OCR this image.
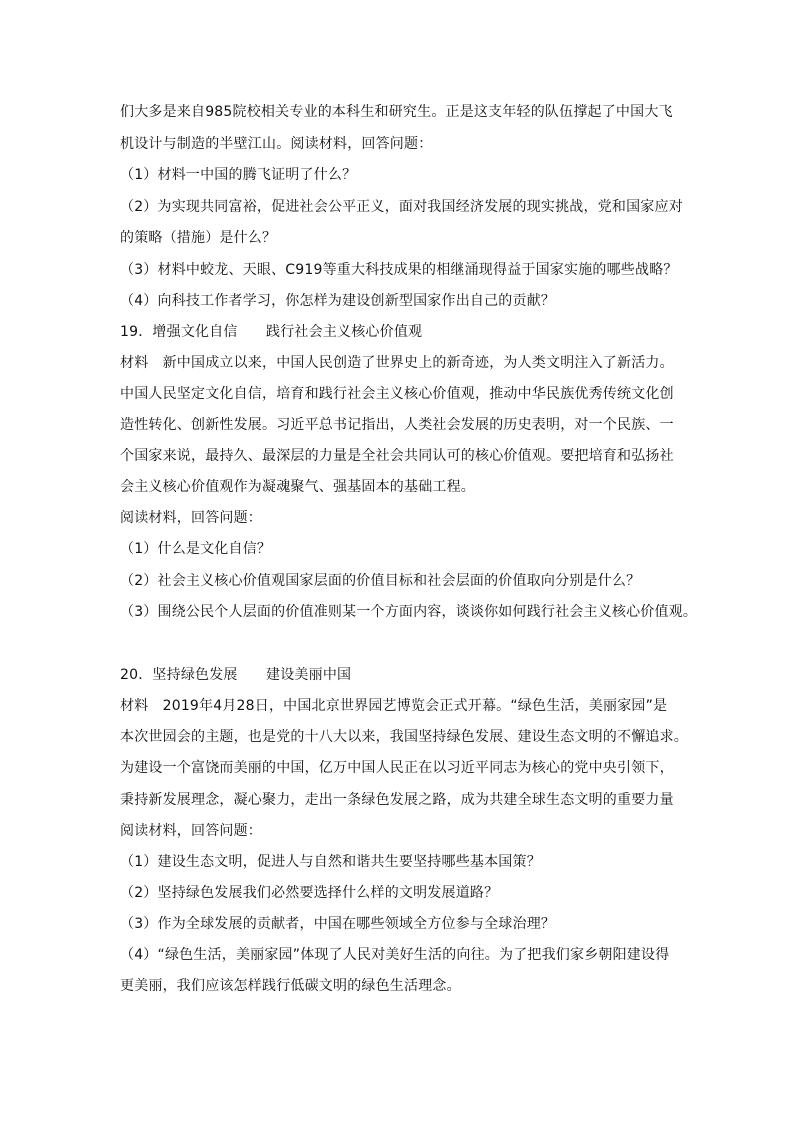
们大多是来自985院校相关专业的本科生和研究生。正是这支年轻的队伍撑起了中国大飞
机设计与制造的半壁江山。阅读材料，回答问题：
（1）材料一中国的腾飞证明了什么？
（2）为实现共同富裕，促进社会公平正义，面对我国经济发展的现实挑战，党和国家应对
的策略（措施）是什么？
（3）材料中蛟龙、天眼、C919等重大科技成果的相继涌现得益于国家实施的哪些战略？
（4）向科技工作者学习，你怎样为建设创新型国家作出自己的贡献？
19．增强文化自信　　践行社会主义核心价值观
材料　新中国成立以来，中国人民创造了世界史上的新奇迹，为人类文明注入了新活力。
中国人民坚定文化自信，培育和践行社会主义核心价值观，推动中华民族优秀传统文化创
造性转化、创新性发展。习近平总书记指出，人类社会发展的历史表明，对一个民族、一
个国家来说，最持久、最深层的力量是全社会共同认可的核心价值观。要把培育和弘扬社
会主义核心价值观作为凝魂聚气、强基固本的基础工程。
阅读材料，回答问题：
（1）什么是文化自信？
（2）社会主义核心价值观国家层面的价值目标和社会层面的价值取向分别是什么？
（3）围绕公民个人层面的价值准则某一个方面内容，谈谈你如何践行社会主义核心价值观。
20．坚持绿色发展　　建设美丽中国
材料　2019年4月28日，中国北京世界园艺博览会正式开幕。“绿色生活，美丽家园”是
本次世园会的主题，也是党的十八大以来，我国坚持绿色发展、建设生态文明的不懈追求。
为建设一个富饶而美丽的中国，亿万中国人民正在以习近平同志为核心的党中央引领下，
秉持新发展理念，凝心聚力，走出一条绿色发展之路，成为共建全球生态文明的重要力量
阅读材料，回答问题：
（1）建设生态文明，促进人与自然和谐共生要坚持哪些基本国策？
（2）坚持绿色发展我们必然要选择什么样的文明发展道路？
（3）作为全球发展的贡献者，中国在哪些领域全方位参与全球治理？
（4）“绿色生活，美丽家园”体现了人民对美好生活的向往。为了把我们家乡朝阳建设得
更美丽，我们应该怎样践行低碳文明的绿色生活理念。
